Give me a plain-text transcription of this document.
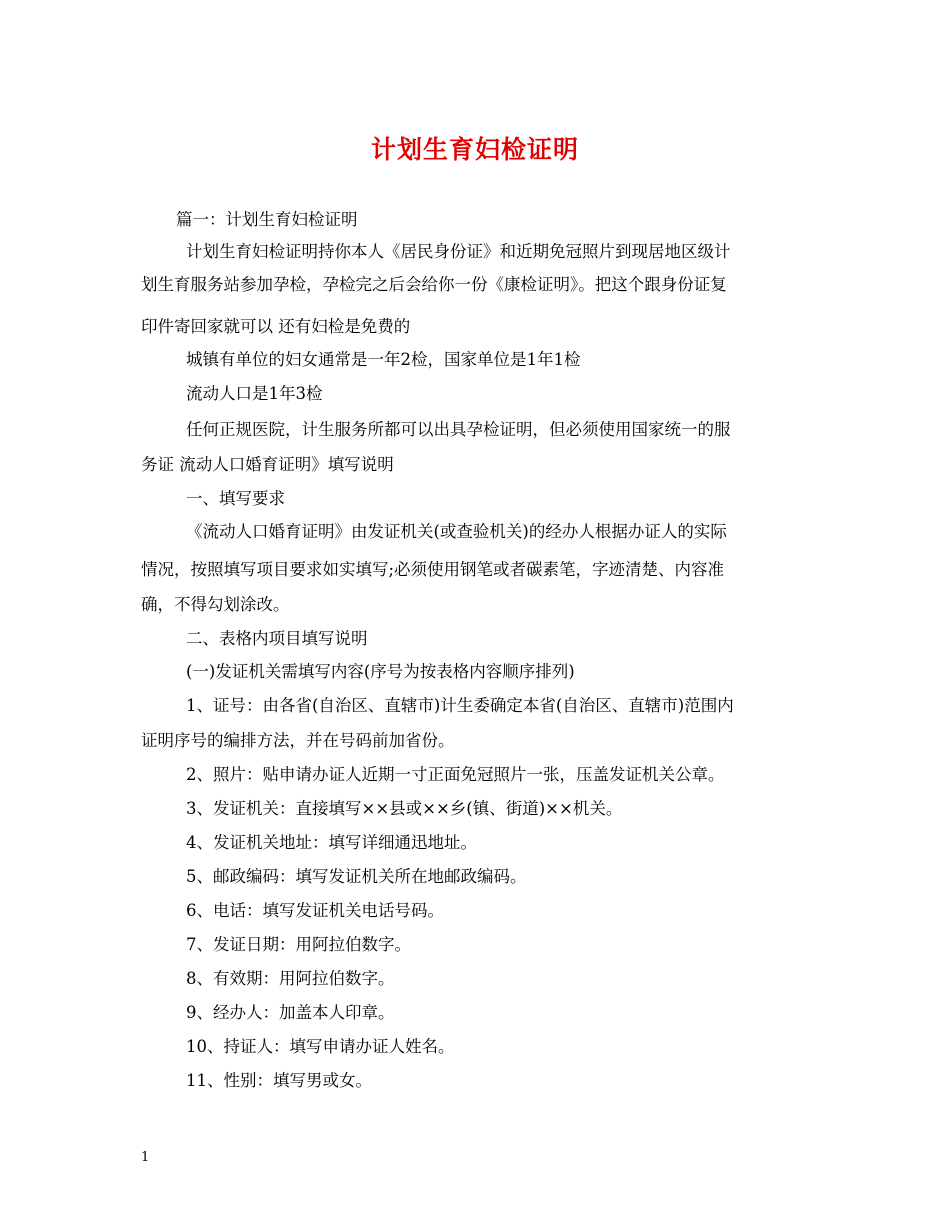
计划生育妇检证明
篇一：计划生育妇检证明
计划生育妇检证明持你本人《居民身份证》和近期免冠照片到现居地区级计
划生育服务站参加孕检，孕检完之后会给你一份《康检证明》。把这个跟身份证复
印件寄回家就可以 还有妇检是免费的
城镇有单位的妇女通常是一年2检，国家单位是1年1检
流动人口是1年3检
任何正规医院，计生服务所都可以出具孕检证明，但必须使用国家统一的服
务证 流动人口婚育证明》填写说明
一、填写要求
《流动人口婚育证明》由发证机关(或查验机关)的经办人根据办证人的实际
情况，按照填写项目要求如实填写;必须使用钢笔或者碳素笔，字迹清楚、内容准
确，不得勾划涂改。
二、表格内项目填写说明
(一)发证机关需填写内容(序号为按表格内容顺序排列)
1、证号：由各省(自治区、直辖市)计生委确定本省(自治区、直辖市)范围内
证明序号的编排方法，并在号码前加省份。
2、照片：贴申请办证人近期一寸正面免冠照片一张，压盖发证机关公章。
3、发证机关：直接填写××县或××乡(镇、街道)××机关。
4、发证机关地址：填写详细通迅地址。
5、邮政编码：填写发证机关所在地邮政编码。
6、电话：填写发证机关电话号码。
7、发证日期：用阿拉伯数字。
8、有效期：用阿拉伯数字。
9、经办人：加盖本人印章。
10、持证人：填写申请办证人姓名。
11、性别：填写男或女。
1
